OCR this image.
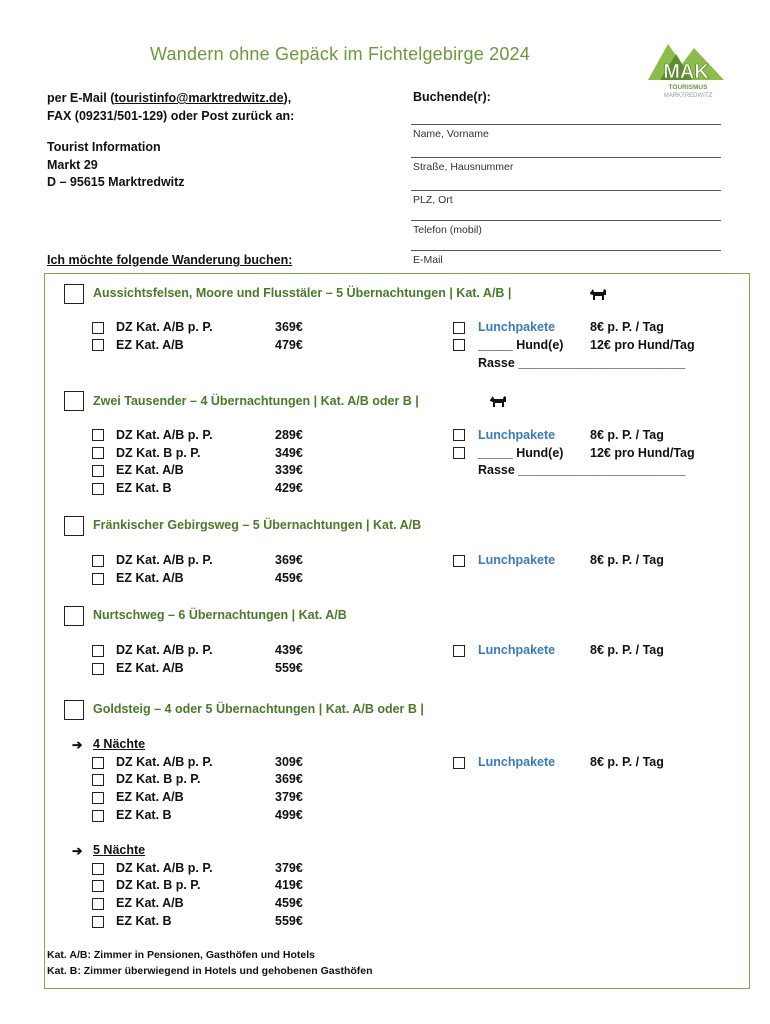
Wandern ohne Gepäck im Fichtelgebirge 2024
MAK
TOURISMUS
MARKTREDWITZ
per E-Mail (touristinfo@marktredwitz.de),
FAX (09231/501-129) oder Post zurück an:
Tourist Information
Markt 29
D – 95615 Marktredwitz
Buchende(r):
Name, Vorname
Straße, Hausnummer
PLZ, Ort
Telefon (mobil)
E-Mail
Ich möchte folgende Wanderung buchen:
Aussichtsfelsen, Moore und Flusstäler – 5 Übernachtungen | Kat. A/B |
DZ Kat. A/B p. P.	369€
EZ Kat. A/B	479€
Lunchpakete	8€ p. P. / Tag
_____ Hund(e) 12€ pro Hund/Tag
Rasse ________________________
Zwei Tausender – 4 Übernachtungen | Kat. A/B oder B |
DZ Kat. A/B p. P.	289€
DZ Kat. B p. P.	349€
EZ Kat. A/B	339€
EZ Kat. B	429€
Lunchpakete	8€ p. P. / Tag
_____ Hund(e) 12€ pro Hund/Tag
Rasse ________________________
Fränkischer Gebirgsweg – 5 Übernachtungen | Kat. A/B
DZ Kat. A/B p. P.	369€
EZ Kat. A/B	459€
Lunchpakete	8€ p. P. / Tag
Nurtschweg – 6 Übernachtungen | Kat. A/B
DZ Kat. A/B p. P.	439€
EZ Kat. A/B	559€
Lunchpakete	8€ p. P. / Tag
Goldsteig – 4 oder 5 Übernachtungen | Kat. A/B oder B |
➔ 4 Nächte
DZ Kat. A/B p. P.	309€
DZ Kat. B p. P.	369€
EZ Kat. A/B	379€
EZ Kat. B	499€
Lunchpakete	8€ p. P. / Tag
➔ 5 Nächte
DZ Kat. A/B p. P.	379€
DZ Kat. B p. P.	419€
EZ Kat. A/B	459€
EZ Kat. B	559€
Kat. A/B: Zimmer in Pensionen, Gasthöfen und Hotels
Kat. B: Zimmer überwiegend in Hotels und gehobenen Gasthöfen
